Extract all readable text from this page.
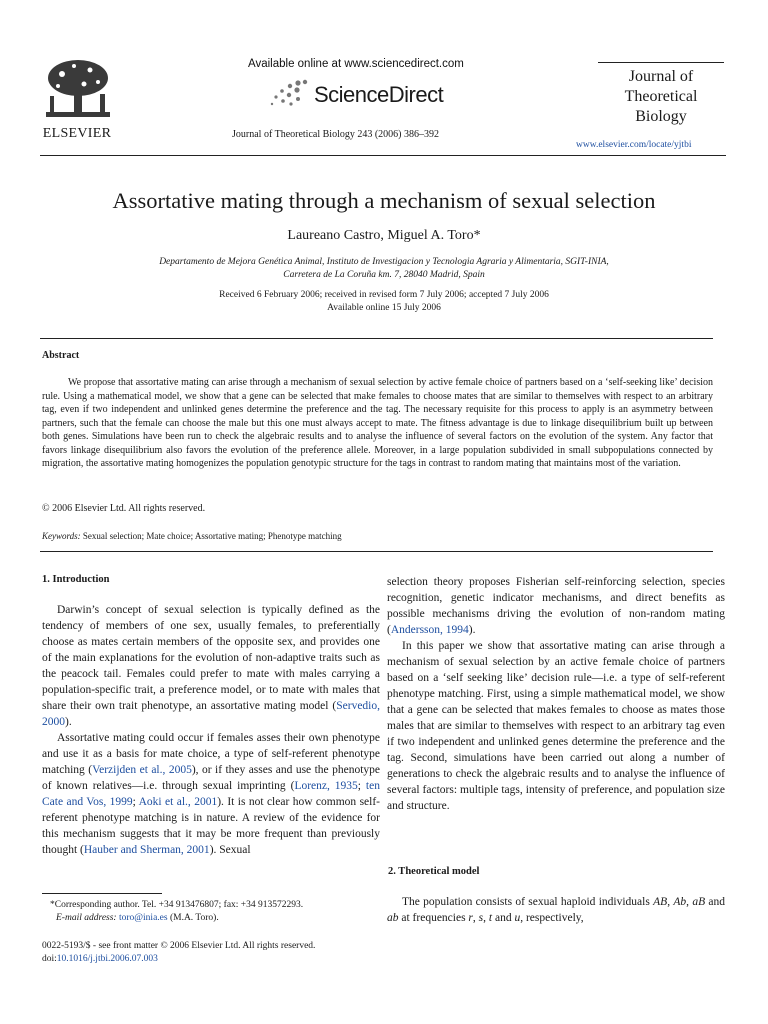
ELSEVIER
Available online at www.sciencedirect.com
ScienceDirect
Journal of Theoretical Biology 243 (2006) 386–392
Journal of
Theoretical
Biology
www.elsevier.com/locate/yjtbi
Assortative mating through a mechanism of sexual selection
Laureano Castro, Miguel A. Toro*
Departamento de Mejora Genética Animal, Instituto de Investigacion y Tecnologia Agraria y Alimentaria, SGIT-INIA,
Carretera de La Coruña km. 7, 28040 Madrid, Spain
Received 6 February 2006; received in revised form 7 July 2006; accepted 7 July 2006
Available online 15 July 2006
Abstract
We propose that assortative mating can arise through a mechanism of sexual selection by active female choice of partners based on a ‘self-seeking like’ decision rule. Using a mathematical model, we show that a gene can be selected that make females to choose mates that are similar to themselves with respect to an arbitrary tag, even if two independent and unlinked genes determine the preference and the tag. The necessary requisite for this process to apply is an asymmetry between partners, such that the female can choose the male but this one must always accept to mate. The fitness advantage is due to linkage disequilibrium built up between both genes. Simulations have been run to check the algebraic results and to analyse the influence of several factors on the evolution of the system. Any factor that favors linkage disequilibrium also favors the evolution of the preference allele. Moreover, in a large population subdivided in small subpopulations connected by migration, the assortative mating homogenizes the population genotypic structure for the tags in contrast to random mating that maintains most of the variation.
© 2006 Elsevier Ltd. All rights reserved.
Keywords: Sexual selection; Mate choice; Assortative mating; Phenotype matching
1. Introduction

Darwin’s concept of sexual selection is typically defined as the tendency of members of one sex, usually females, to preferentially choose as mates certain members of the opposite sex, and provides one of the main explanations for the evolution of non-adaptive traits such as the peacock tail. Females could prefer to mate with males carrying a population-specific trait, a preference model, or to mate with males that share their own trait phenotype, an assortative mating model (Servedio, 2000).

Assortative mating could occur if females asses their own phenotype and use it as a basis for mate choice, a type of self-referent phenotype matching (Verzijden et al., 2005), or if they asses and use the phenotype of known relatives—i.e. through sexual imprinting (Lorenz, 1935; ten Cate and Vos, 1999; Aoki et al., 2001). It is not clear how common self-referent phenotype matching is in nature. A review of the evidence for this mechanism suggests that it may be more frequent than previously thought (Hauber and Sherman, 2001). Sexual

*Corresponding author. Tel. +34 913476807; fax: +34 913572293.
E-mail address: toro@inia.es (M.A. Toro).
0022-5193/$ - see front matter © 2006 Elsevier Ltd. All rights reserved.
doi:10.1016/j.jtbi.2006.07.003

selection theory proposes Fisherian self-reinforcing selection, species recognition, genetic indicator mechanisms, and direct benefits as possible mechanisms driving the evolution of non-random mating (Andersson, 1994).

In this paper we show that assortative mating can arise through a mechanism of sexual selection by an active female choice of partners based on a ‘self seeking like’ decision rule—i.e. a type of self-referent phenotype matching. First, using a simple mathematical model, we show that a gene can be selected that makes females to choose as mates those males that are similar to themselves with respect to an arbitrary tag even if two independent and unlinked genes determine the preference and the tag. Second, simulations have been carried out along a number of generations to check the algebraic results and to analyse the influence of several factors: multiple tags, intensity of preference, and population size and structure.

2. Theoretical model

The population consists of sexual haploid individuals AB, Ab, aB and ab at frequencies r, s, t and u, respectively,
